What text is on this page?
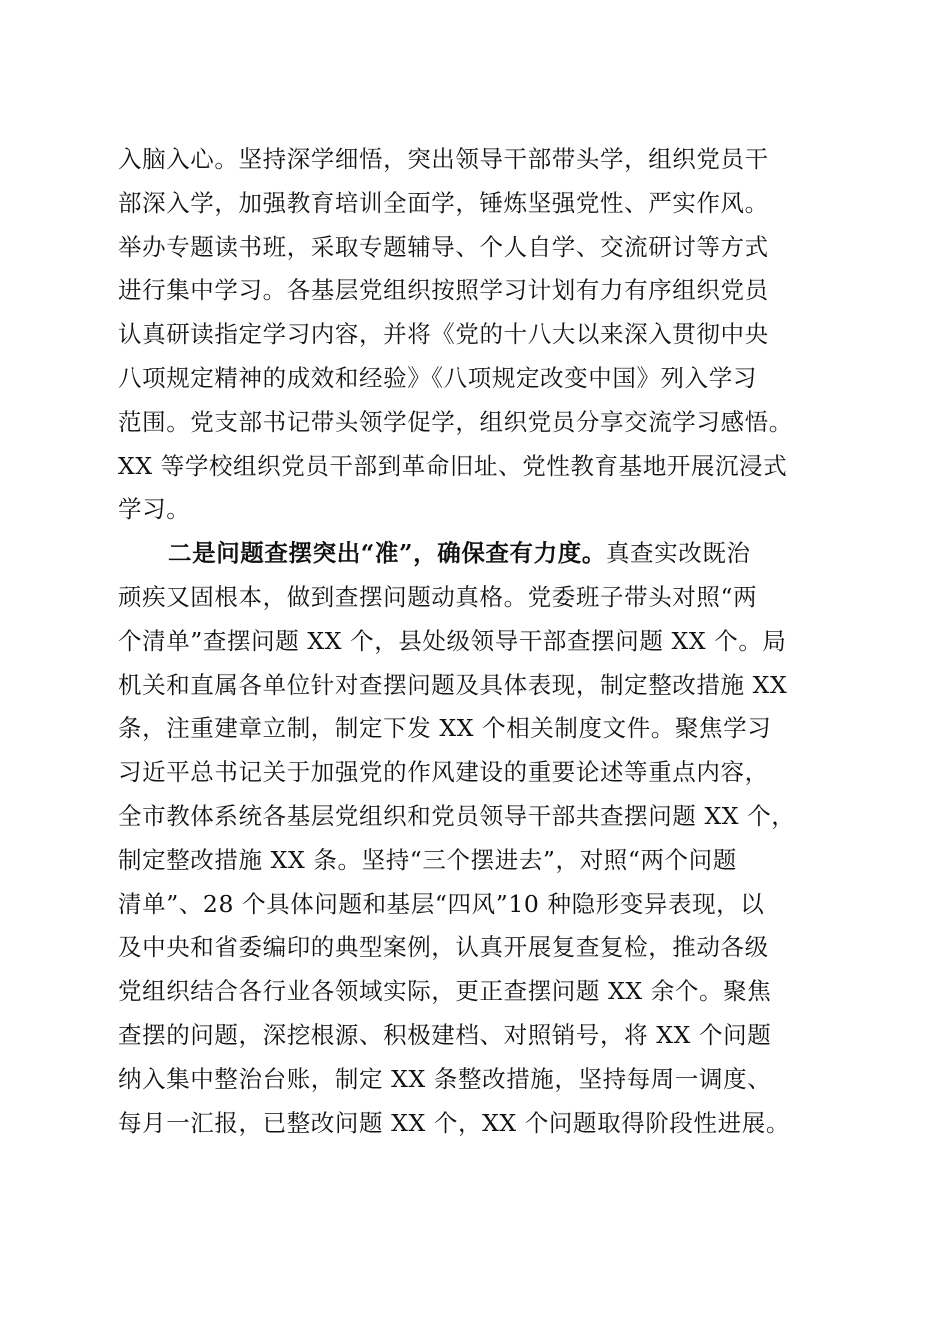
入脑入心。坚持深学细悟，突出领导干部带头学，组织党员干
部深入学，加强教育培训全面学，锤炼坚强党性、严实作风。
举办专题读书班，采取专题辅导、个人自学、交流研讨等方式
进行集中学习。各基层党组织按照学习计划有力有序组织党员
认真研读指定学习内容，并将《党的十八大以来深入贯彻中央
八项规定精神的成效和经验》《八项规定改变中国》列入学习
范围。党支部书记带头领学促学，组织党员分享交流学习感悟。
XX 等学校组织党员干部到革命旧址、党性教育基地开展沉浸式
学习。
二是问题查摆突出“准”，确保查有力度。真查实改既治
顽疾又固根本，做到查摆问题动真格。党委班子带头对照“两
个清单”查摆问题 XX 个，县处级领导干部查摆问题 XX 个。局
机关和直属各单位针对查摆问题及具体表现，制定整改措施 XX
条，注重建章立制，制定下发 XX 个相关制度文件。聚焦学习
习近平总书记关于加强党的作风建设的重要论述等重点内容，
全市教体系统各基层党组织和党员领导干部共查摆问题 XX 个，
制定整改措施 XX 条。坚持“三个摆进去”，对照“两个问题
清单”、28 个具体问题和基层“四风”10 种隐形变异表现，以
及中央和省委编印的典型案例，认真开展复查复检，推动各级
党组织结合各行业各领域实际，更正查摆问题 XX 余个。聚焦
查摆的问题，深挖根源、积极建档、对照销号，将 XX 个问题
纳入集中整治台账，制定 XX 条整改措施，坚持每周一调度、
每月一汇报，已整改问题 XX 个，XX 个问题取得阶段性进展。
